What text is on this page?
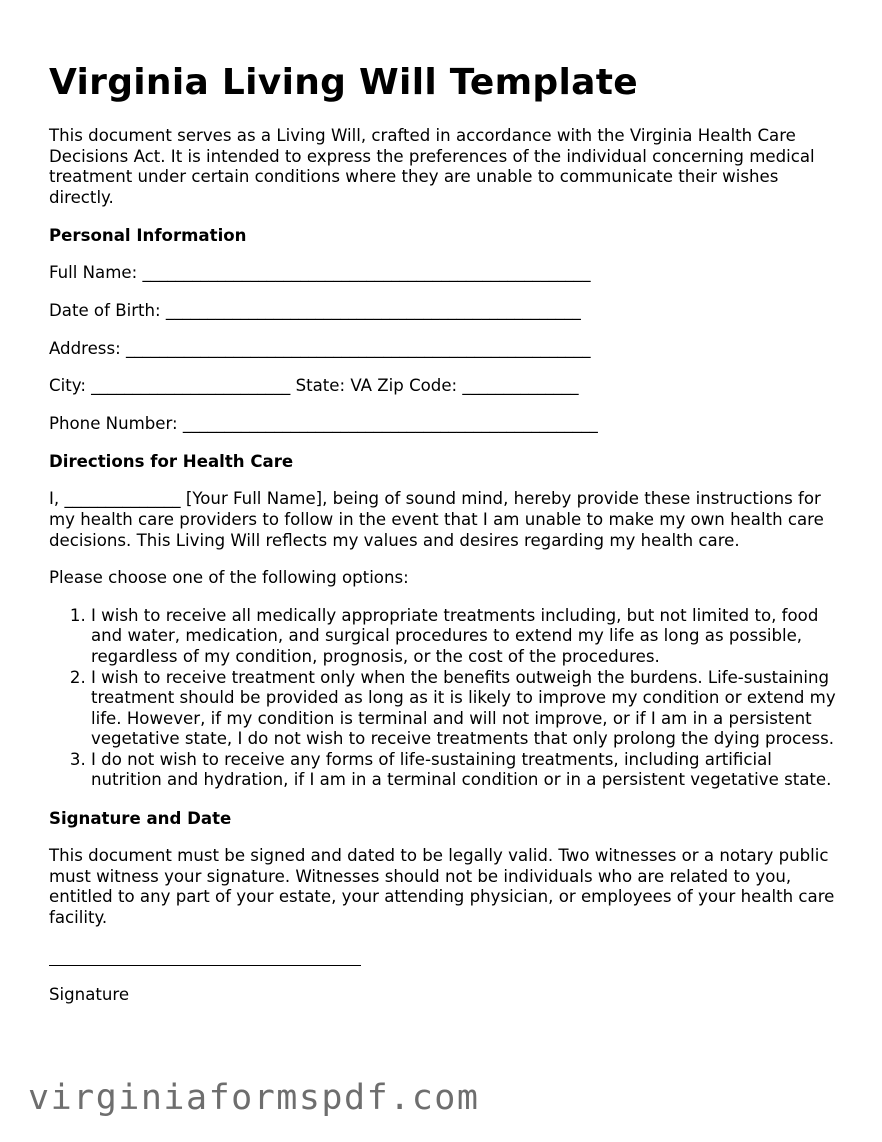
Virginia Living Will Template

This document serves as a Living Will, crafted in accordance with the Virginia Health Care Decisions Act. It is intended to express the preferences of the individual concerning medical treatment under certain conditions where they are unable to communicate their wishes directly.

Personal Information

Full Name: ______________________________________________________

Date of Birth: __________________________________________________

Address: ________________________________________________________

City: ________________________ State: VA Zip Code: ______________

Phone Number: __________________________________________________

Directions for Health Care

I, ______________ [Your Full Name], being of sound mind, hereby provide these instructions for my health care providers to follow in the event that I am unable to make my own health care decisions. This Living Will reflects my values and desires regarding my health care.

Please choose one of the following options:

1. I wish to receive all medically appropriate treatments including, but not limited to, food and water, medication, and surgical procedures to extend my life as long as possible, regardless of my condition, prognosis, or the cost of the procedures.
2. I wish to receive treatment only when the benefits outweigh the burdens. Life-sustaining treatment should be provided as long as it is likely to improve my condition or extend my life. However, if my condition is terminal and will not improve, or if I am in a persistent vegetative state, I do not wish to receive treatments that only prolong the dying process.
3. I do not wish to receive any forms of life-sustaining treatments, including artificial nutrition and hydration, if I am in a terminal condition or in a persistent vegetative state.
Signature and Date

This document must be signed and dated to be legally valid. Two witnesses or a notary public must witness your signature. Witnesses should not be individuals who are related to you, entitled to any part of your estate, your attending physician, or employees of your health care facility.

Signature

virginiaformspdf.com
